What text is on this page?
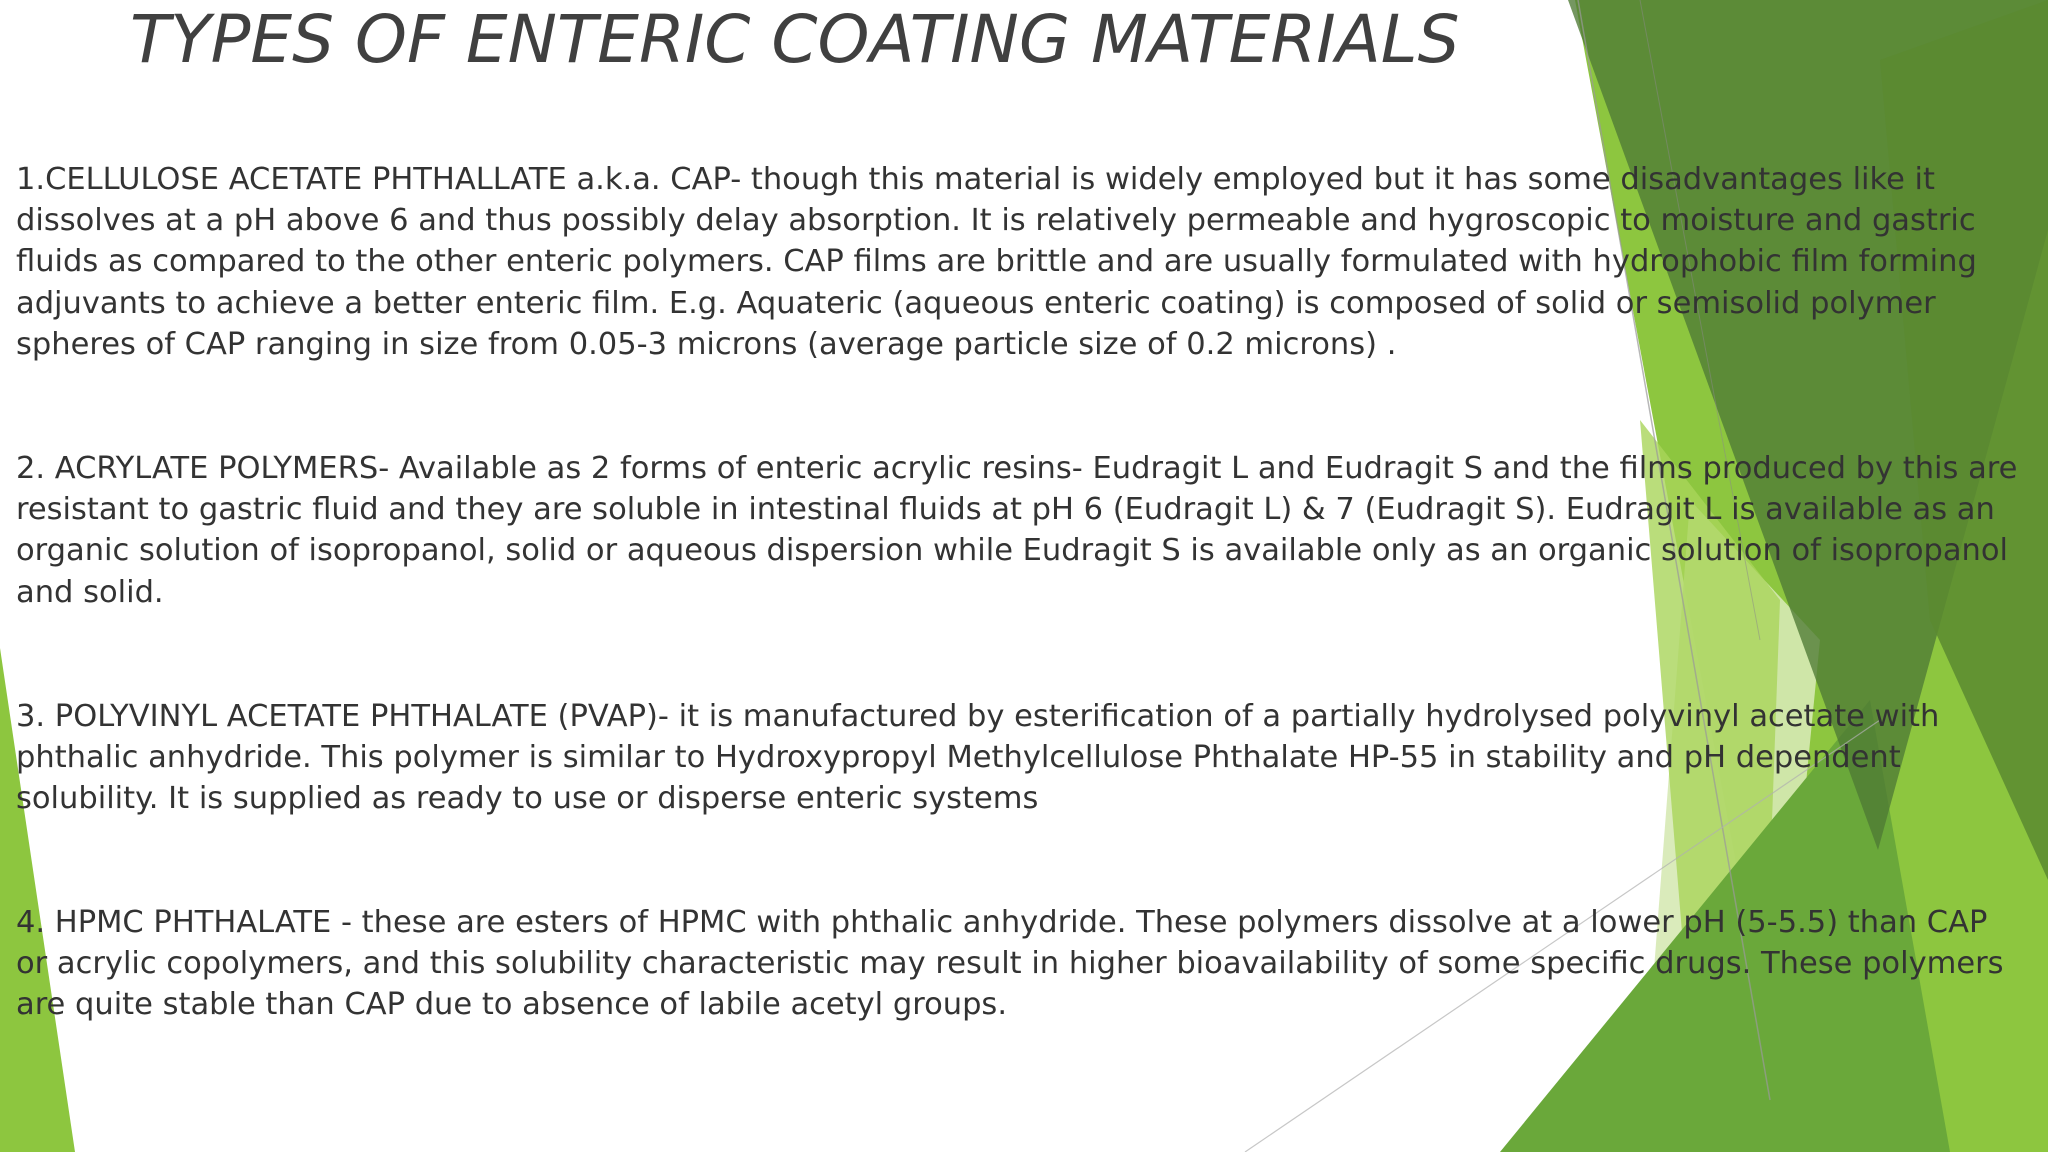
TYPES OF ENTERIC COATING MATERIALS

1.CELLULOSE ACETATE PHTHALLATE a.k.a. CAP- though this material is widely employed but it has some disadvantages like it
dissolves at a pH above 6 and thus possibly delay absorption. It is relatively permeable and hygroscopic to moisture and gastric
fluids as compared to the other enteric polymers. CAP films are brittle and are usually formulated with hydrophobic film forming
adjuvants to achieve a better enteric film. E.g. Aquateric (aqueous enteric coating) is composed of solid or semisolid polymer
spheres of CAP ranging in size from 0.05-3 microns (average particle size of 0.2 microns) .

2. ACRYLATE POLYMERS- Available as 2 forms of enteric acrylic resins- Eudragit L and Eudragit S and the films produced by this are
resistant to gastric fluid and they are soluble in intestinal fluids at pH 6 (Eudragit L) & 7 (Eudragit S). Eudragit L is available as an
organic solution of isopropanol, solid or aqueous dispersion while Eudragit S is available only as an organic solution of isopropanol
and solid.

3. POLYVINYL ACETATE PHTHALATE (PVAP)- it is manufactured by esterification of a partially hydrolysed polyvinyl acetate with
phthalic anhydride. This polymer is similar to Hydroxypropyl Methylcellulose Phthalate HP-55 in stability and pH dependent
solubility. It is supplied as ready to use or disperse enteric systems

4. HPMC PHTHALATE - these are esters of HPMC with phthalic anhydride. These polymers dissolve at a lower pH (5-5.5) than CAP
or acrylic copolymers, and this solubility characteristic may result in higher bioavailability of some specific drugs. These polymers
are quite stable than CAP due to absence of labile acetyl groups.
